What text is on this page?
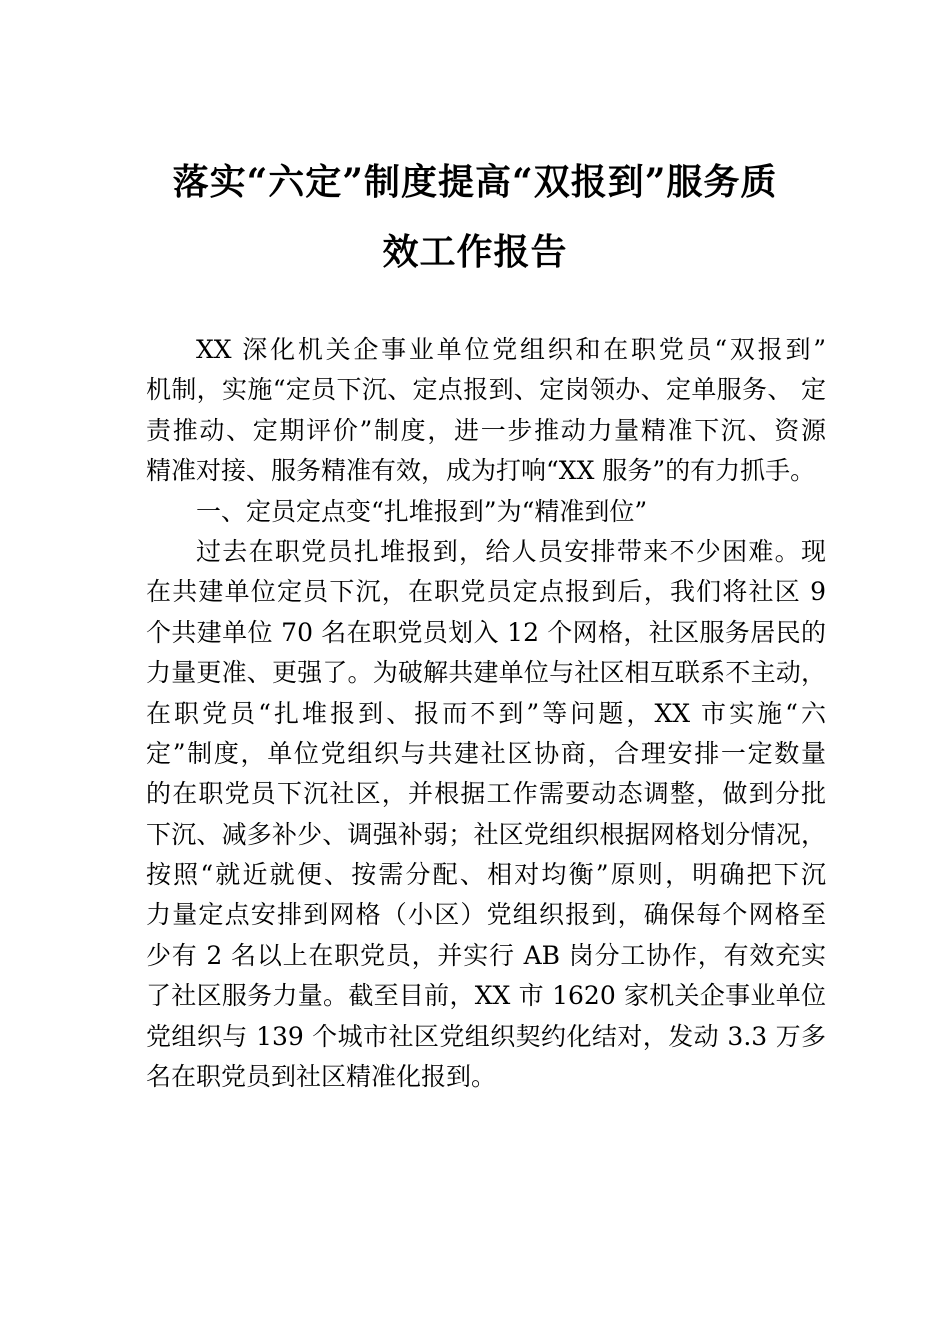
落实“六定”制度提高“双报到”服务质
效工作报告
XX 深化机关企事业单位党组织和在职党员“双报到”
机制，实施“定员下沉、定点报到、定岗领办、定单服务、 定
责推动、定期评价”制度，进一步推动力量精准下沉、资源
精准对接、服务精准有效，成为打响“XX 服务”的有力抓手。
一、定员定点变“扎堆报到”为“精准到位”
过去在职党员扎堆报到，给人员安排带来不少困难。现
在共建单位定员下沉，在职党员定点报到后，我们将社区 9
个共建单位 70 名在职党员划入 12 个网格，社区服务居民的
力量更准、更强了。为破解共建单位与社区相互联系不主动，
在职党员“扎堆报到、报而不到”等问题，XX 市实施“六
定”制度，单位党组织与共建社区协商，合理安排一定数量
的在职党员下沉社区，并根据工作需要动态调整，做到分批
下沉、减多补少、调强补弱；社区党组织根据网格划分情况，
按照“就近就便、按需分配、相对均衡”原则，明确把下沉
力量定点安排到网格（小区）党组织报到，确保每个网格至
少有 2 名以上在职党员，并实行 AB 岗分工协作，有效充实
了社区服务力量。截至目前，XX 市 1620 家机关企事业单位
党组织与 139 个城市社区党组织契约化结对，发动 3.3 万多
名在职党员到社区精准化报到。
